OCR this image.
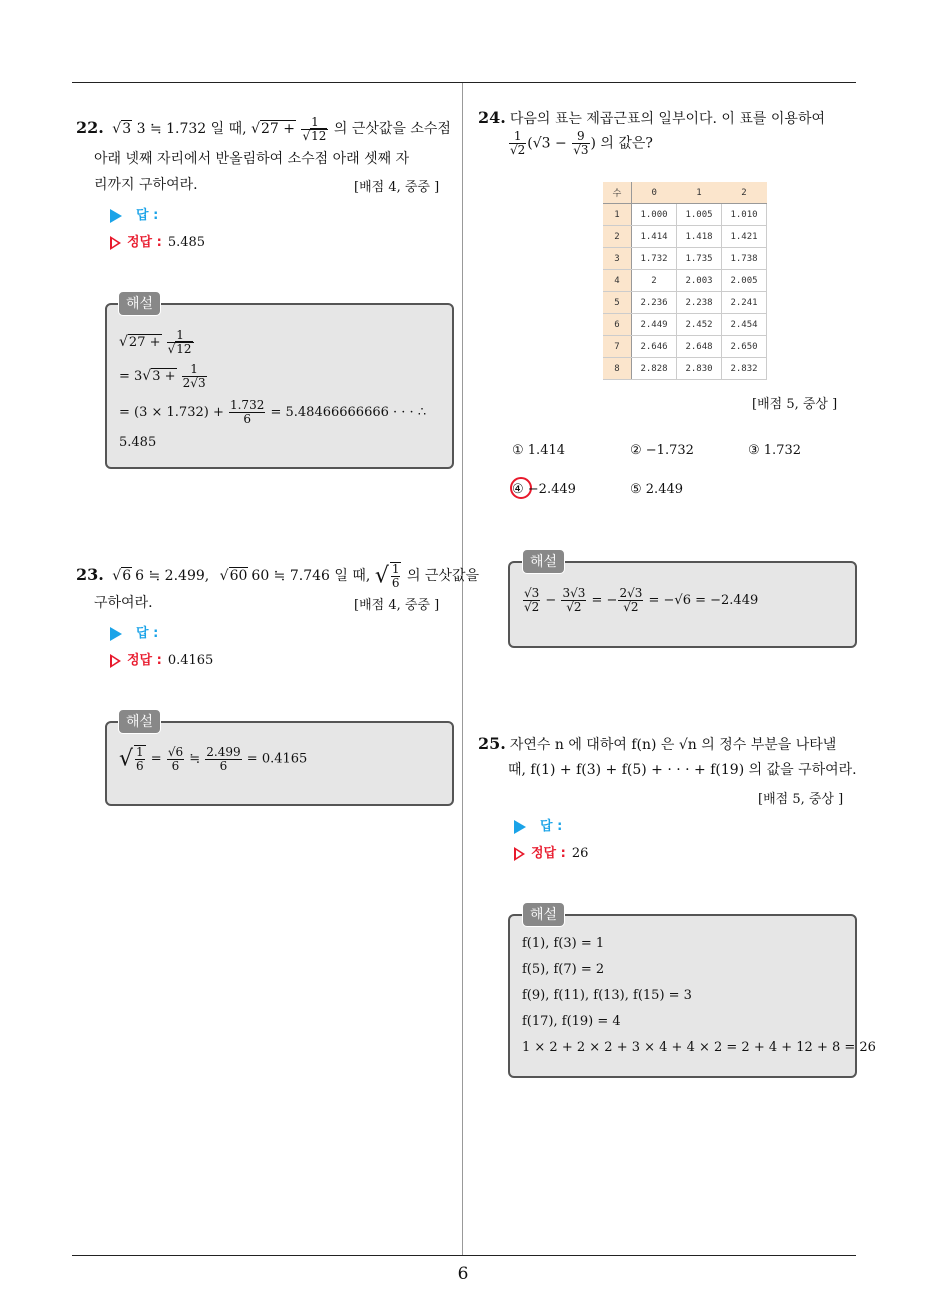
6
22. √3 3 ≒ 1.732 일 때, $√27 + \frac{1}{√12}$ 의 근삿값을 소수점
아래 넷째 자리에서 반올림하여 소수점 아래 셋째 자
리까지 구하여라.	[배점 4, 중중 ]
답 :
정답 : 5.485
$√27 + \frac{1}{√12}$
= $3√3 + \frac{1}{2√3}$
= $(3 \times 1.732) + \frac{1.732}{6} = 5.48466666666$ · · · ∴
5.485
해설
23. √6 6 ≒ 2.499, √60 60 ≒ 7.746 일 때, √ $\frac{1}{6}$ 의 근삿값을
구하여라.	[배점 4, 중중 ]
답 :
정답 : 0.4165
√ $\frac{1}{6} = \frac{√6}{6}$ ≒ $\frac{2.499}{6} = 0.4165$
해설
24. 다음의 표는 제곱근표의 일부이다. 이 표를 이용하여
$\frac{1}{√2} (√3 - \frac{9}{√3}$ ) 의 값은?
수	0	1	2
1	1.000	1.005	1.010
2	1.414	1.418	1.421
3	1.732	1.735	1.738
4	2	2.003	2.005
5	2.236	2.238	2.241
6	2.449	2.452	2.454
7	2.646	2.648	2.650
8	2.828	2.830	2.832
[배점 5, 중상 ]
① 1.414	② −1.732	③ 1.732
④ −2.449	⑤ 2.449
$\frac{√3}{√2} - \frac{3√3}{√2}$ = − $\frac{2√3}{√2} = -√6 = -2.449$
해설
25. 자연수 n 에 대하여 f(n) 은 √n 의 정수 부분을 나타낼
때, f(1) + f(3) + f(5) + · · · + f(19) 의 값을 구하여라.
[배점 5, 중상 ]
답 :
정답 : 26
f(1), f(3) = 1
f(5), f(7) = 2
f(9), f(11), f(13), f(15) = 3
f(17), f(19) = 4
1 × 2 + 2 × 2 + 3 × 4 + 4 × 2 = 2 + 4 + 12 + 8 = 26
해설
